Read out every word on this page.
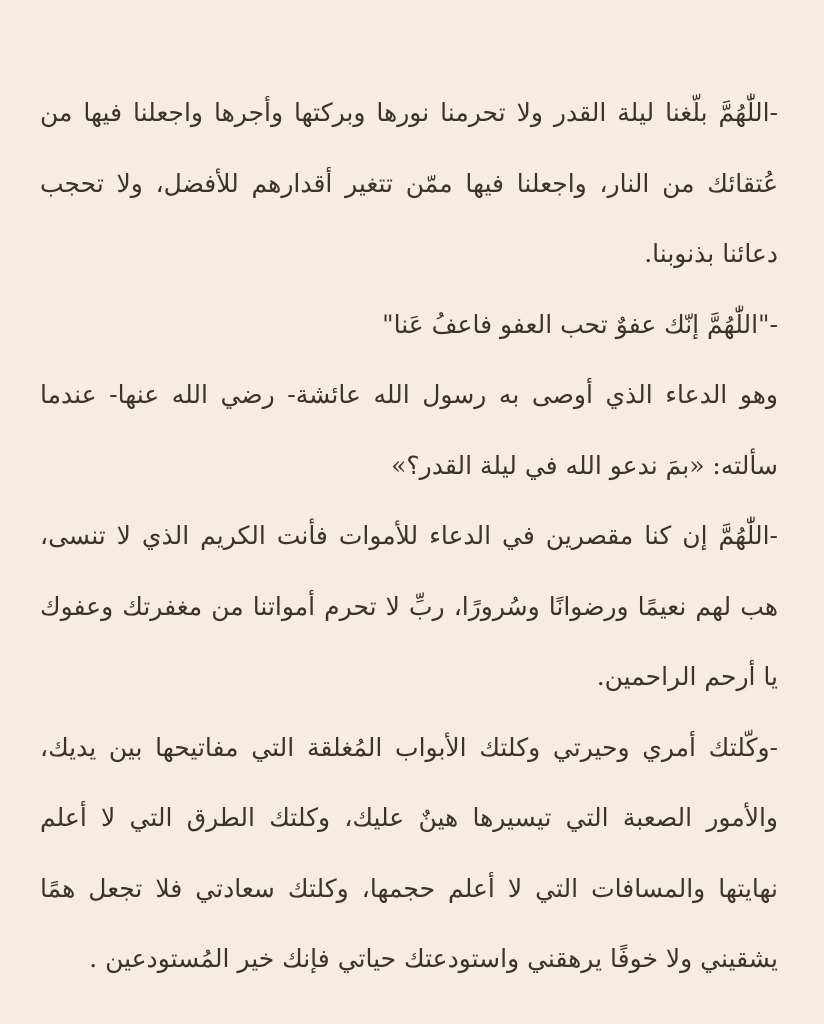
-اللّٰهُمَّ بلّغنا ليلة القدر ولا تحرمنا نورها وبركتها وأجرها واجعلنا فيها من عُتقائك من النار، واجعلنا فيها ممّن تتغير أقدارهم للأفضل، ولا تحجب دعائنا بذنوبنا.

-"اللّٰهُمَّ إنّك عفوٌ تحب العفو فاعفُ عَنا"

وهو الدعاء الذي أوصى به رسول الله عائشة- رضي الله عنها- عندما سألته: «بمَ ندعو الله في ليلة القدر؟»

-اللّٰهُمَّ إن كنا مقصرين في الدعاء للأموات فأنت الكريم الذي لا تنسى، هب لهم نعيمًا ورضوانًا وسُرورًا، ربِّ لا تحرم أمواتنا من مغفرتك وعفوك يا أرحم الراحمين.

-وكّلتك أمري وحيرتي وكلتك الأبواب المُغلقة التي مفاتيحها بين يديك، والأمور الصعبة التي تيسيرها هينٌ عليك، وكلتك الطرق التي لا أعلم نهايتها والمسافات التي لا أعلم حجمها، وكلتك سعادتي فلا تجعل همًا يشقيني ولا خوفًا يرهقني واستودعتك حياتي فإنك خير المُستودعين .
